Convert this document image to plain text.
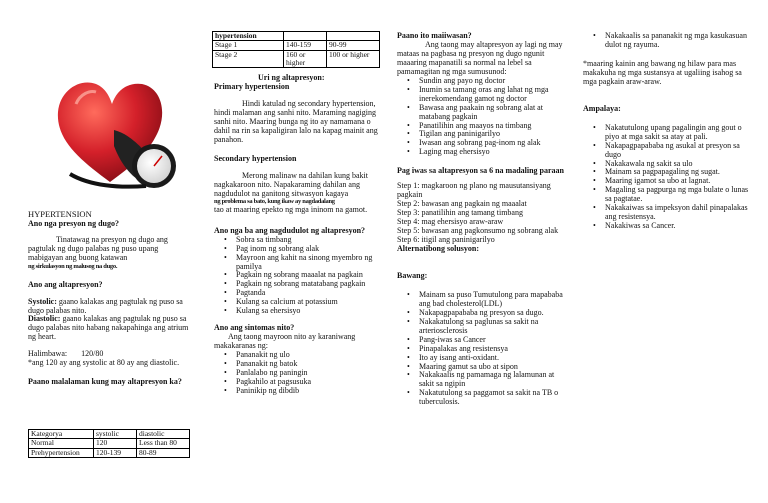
HYPERTENSION

Ano nga presyon ng dugo?

Tinatawag na presyon ng dugo ang pagtulak ng dugo palabas ng puso upang mabigayan ang buong katawan

ng sirkulasyon ng malusog na dugo.

Ano ang altapresyon?

Systolic: gaano kalakas ang pagtulak ng puso sa dugo palabas nito.

Diastolic: gaano kalakas ang pagtulak ng puso sa dugo palabas nito habang nakapahinga ang atrium ng heart.

Halimbawa: 120/80

*ang 120 ay ang systolic at 80 ay ang diastolic.

Paano malalaman kung may altapresyon ka?

Kategorya	systolic	diastolic
Normal	120	Less than 80
Prehypertension	120-139	80-89
hypertension		
Stage 1	140-159	90-99
Stage 2	160 or higher	100 or higher

Uri ng altapresyon:

Primary hypertension

Hindi katulad ng secondary hypertension, hindi malaman ang sanhi nito. Maraming nagiging sanhi nito. Maaring bunga ng ito ay namamana o dahil na rin sa kapaligiran lalo na kapag mainit ang panahon.

Secondary hypertension

Merong malinaw na dahilan kung bakit nagkakaroon nito. Napakaraming dahilan ang nagdudulot na ganitong sitwasyon kagaya

ng problema sa bato, kung ikaw ay nagdadalang

tao at maaring epekto ng mga ininom na gamot.

Ano nga ba ang nagdudulot ng altapresyon?

• Sobra sa timbang
• Pag inom ng sobrang alak
• Mayroon ang kahit na sinong myembro ng pamilya
• Pagkain ng sobrang maaalat na pagkain
• Pagkain ng sobrang matatabang pagkain
• Pagtanda
• Kulang sa calcium at potassium
• Kulang sa ehersisyo

Ano ang sintomas nito?

Ang taong mayroon nito ay karaniwang makakaranas ng:

• Pananakit ng ulo
• Pananakit ng batok
• Panlalabo ng paningin
• Pagkahilo at pagsusuka
• Paninikip ng dibdib

Paano ito maiiwasan?

Ang taong may altapresyon ay lagi ng may mataas na pagbasa ng presyon ng dugo ngunit maaaring mapanatili sa normal na lebel sa pamamagitan ng mga sumusunod:

• Sundin ang payo ng doctor
• Inumin sa tamang oras ang lahat ng mga inerekomendang gamot ng doctor
• Bawasa ang paakain ng sobrang alat at matabang pagkain
• Panatilihin ang maayos na timbang
• Tigilan ang paninigarilyo
• Iwasan ang sobrang pag-inom ng alak
• Laging mag ehersisyo

Pag iwas sa altapresyon sa 6 na madaling paraan

Step 1: magkaroon ng plano ng mausutansiyang pagkain

Step 2: bawasan ang pagkain ng maaalat

Step 3: panatilihin ang tamang timbang

Step 4: mag ehersisyo araw-araw

Step 5: bawasan ang pagkonsumo ng sobrang alak

Step 6: itigil ang paninigarilyo

Alternatibong solusyon:

Bawang:

• Mainam sa puso Tumutulong para mapababa ang bad cholesterol(LDL)
• Nakapagpapababa ng presyon sa dugo.
• Nakakatulong sa paglunas sa sakit na arteriosclerosis
• Pang-iwas sa Cancer
• Pinapalakas ang resistensya
• Ito ay isang anti-oxidant.
• Maaring gamut sa ubo at sipon
• Nakakaalis ng pamamaga ng lalamunan at sakit sa ngipin
• Nakatutulong sa paggamot sa sakit na TB o tuberculosis.
• Nakakaalis sa pananakit ng mga kasukasuan dulot ng rayuma.

*maaring kainin ang bawang ng hilaw para mas makakuha ng mga sustansya at ugaliing isahog sa mga pagkain araw-araw.

Ampalaya:

• Nakatutulong upang pagalingin ang gout o piyo at mga sakit sa atay at pali.
• Nakapagpapababa ng asukal at presyon sa dugo
• Nakakawala ng sakit sa ulo
• Mainam sa pagpapagaling ng sugat.
• Maaring igamot sa ubo at lagnat.
• Magaling sa pagpurga ng mga bulate o lunas sa pagtatae.
• Nakakaiwas sa impeksyon dahil pinapalakas ang resistensya.
• Nakakiwas sa Cancer.
